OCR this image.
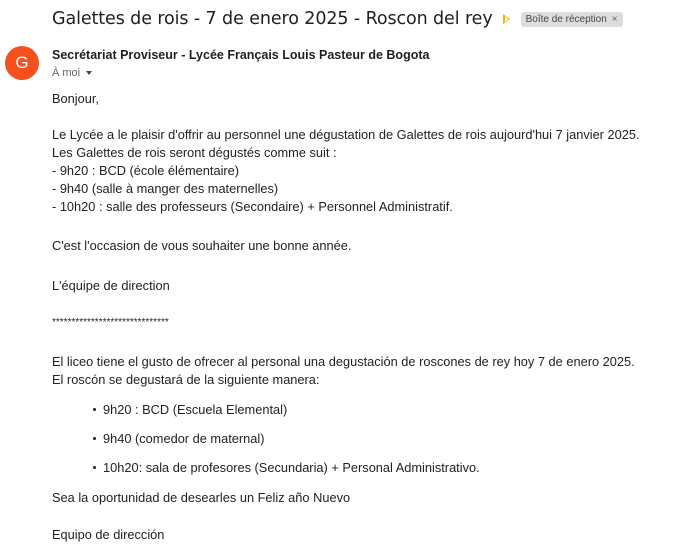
Galettes de rois - 7 de enero 2025 - Roscon del rey	Boîte de réception ×
G	Secrétariat Proviseur - Lycée Français Louis Pasteur de Bogota
À moi
Bonjour,
Le Lycée a le plaisir d'offrir au personnel une dégustation de Galettes de rois aujourd'hui 7 janvier 2025.
Les Galettes de rois seront dégustés comme suit :
- 9h20 : BCD (école élémentaire)
- 9h40 (salle à manger des maternelles)
- 10h20 : salle des professeurs (Secondaire) + Personnel Administratif.
C'est l'occasion de vous souhaiter une bonne année.
L'équipe de direction
******************************
El liceo tiene el gusto de ofrecer al personal una degustación de roscones de rey hoy 7 de enero 2025.
El roscón se degustará de la siguiente manera:
9h20 : BCD (Escuela Elemental)
9h40 (comedor de maternal)
10h20: sala de profesores (Secundaria) + Personal Administrativo.
Sea la oportunidad de desearles un Feliz año Nuevo
Equipo de dirección
